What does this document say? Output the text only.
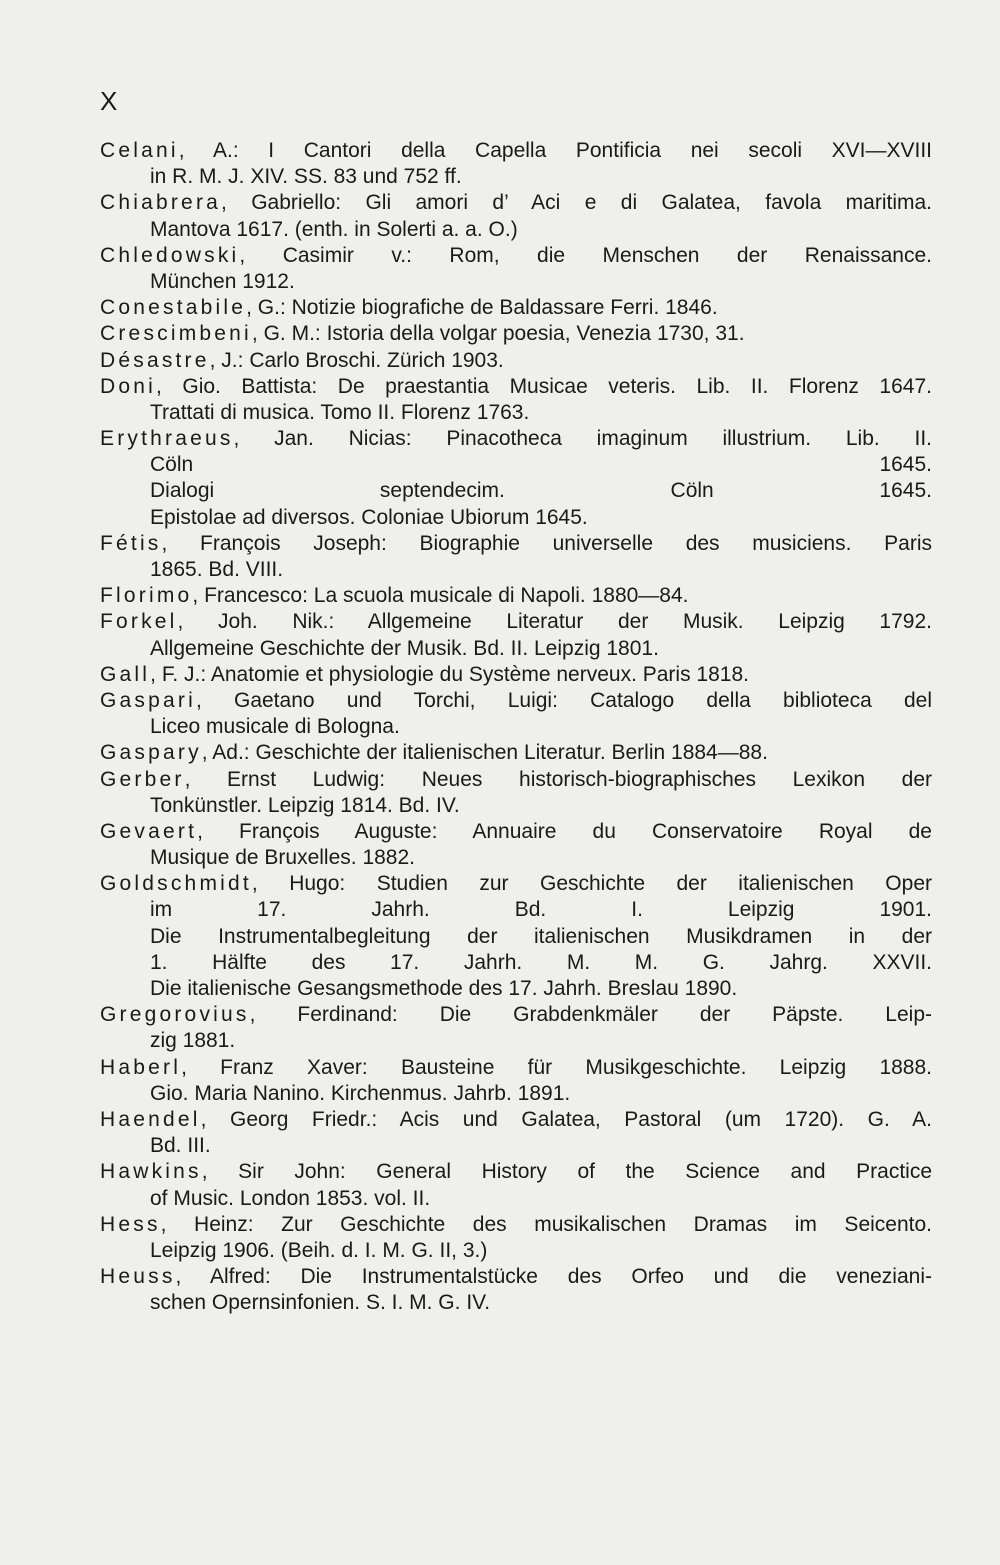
X
Celani, A.: I Cantori della Capella Pontificia nei secoli XVI—XVIII
in R. M. J. XIV. SS. 83 und 752 ff.
Chiabrera, Gabriello: Gli amori d’ Aci e di Galatea, favola maritima.
Mantova 1617. (enth. in Solerti a. a. O.)
Chledowski, Casimir v.: Rom, die Menschen der Renaissance.
München 1912.
Conestabile, G.: Notizie biografiche de Baldassare Ferri. 1846.
Crescimbeni, G. M.: Istoria della volgar poesia, Venezia 1730, 31.
Désastre, J.: Carlo Broschi. Zürich 1903.
Doni, Gio. Battista: De praestantia Musicae veteris. Lib. II. Florenz 1647.
Trattati di musica. Tomo II. Florenz 1763.
Erythraeus, Jan. Nicias: Pinacotheca imaginum illustrium. Lib. II.
Cöln 1645.
Dialogi septendecim. Cöln 1645.
Epistolae ad diversos. Coloniae Ubiorum 1645.
Fétis, François Joseph: Biographie universelle des musiciens. Paris
1865. Bd. VIII.
Florimo, Francesco: La scuola musicale di Napoli. 1880—84.
Forkel, Joh. Nik.: Allgemeine Literatur der Musik. Leipzig 1792.
Allgemeine Geschichte der Musik. Bd. II. Leipzig 1801.
Gall, F. J.: Anatomie et physiologie du Système nerveux. Paris 1818.
Gaspari, Gaetano und Torchi, Luigi: Catalogo della biblioteca del
Liceo musicale di Bologna.
Gaspary, Ad.: Geschichte der italienischen Literatur. Berlin 1884—88.
Gerber, Ernst Ludwig: Neues historisch-biographisches Lexikon der
Tonkünstler. Leipzig 1814. Bd. IV.
Gevaert, François Auguste: Annuaire du Conservatoire Royal de
Musique de Bruxelles. 1882.
Goldschmidt, Hugo: Studien zur Geschichte der italienischen Oper
im 17. Jahrh. Bd. I. Leipzig 1901.
Die Instrumentalbegleitung der italienischen Musikdramen in der
1. Hälfte des 17. Jahrh. M. M. G. Jahrg. XXVII.
Die italienische Gesangsmethode des 17. Jahrh. Breslau 1890.
Gregorovius, Ferdinand: Die Grabdenkmäler der Päpste. Leip-
zig 1881.
Haberl, Franz Xaver: Bausteine für Musikgeschichte. Leipzig 1888.
Gio. Maria Nanino. Kirchenmus. Jahrb. 1891.
Haendel, Georg Friedr.: Acis und Galatea, Pastoral (um 1720). G. A.
Bd. III.
Hawkins, Sir John: General History of the Science and Practice
of Music. London 1853. vol. II.
Hess, Heinz: Zur Geschichte des musikalischen Dramas im Seicento.
Leipzig 1906. (Beih. d. I. M. G. II, 3.)
Heuss, Alfred: Die Instrumentalstücke des Orfeo und die veneziani-
schen Opernsinfonien. S. I. M. G. IV.
